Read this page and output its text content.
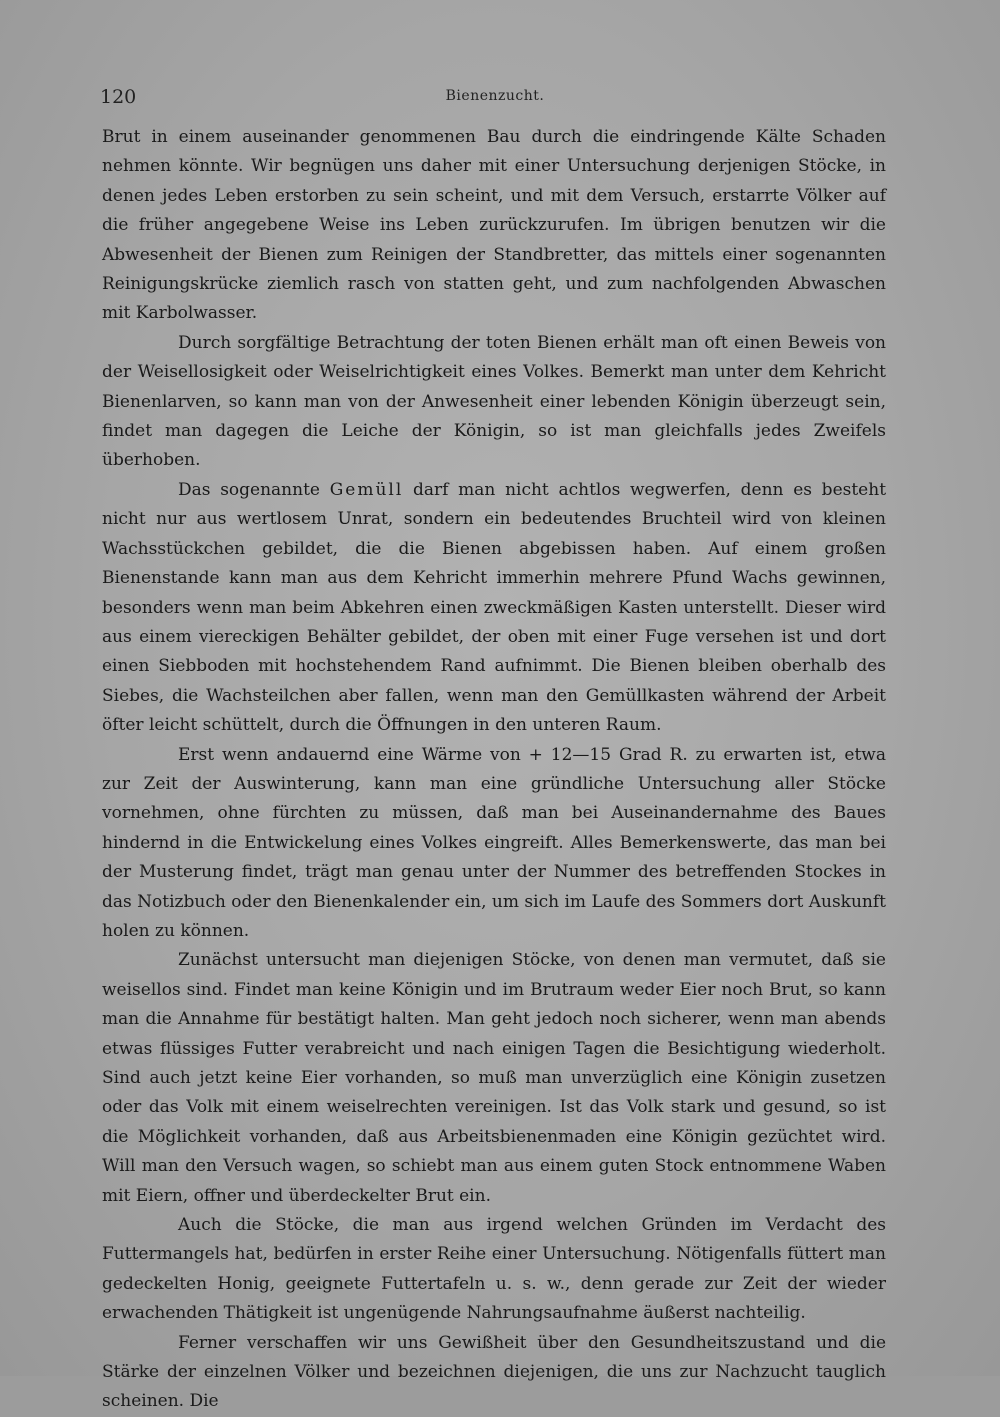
120	Bienenzucht.

Brut in einem auseinander genommenen Bau durch die eindringende Kälte Schaden nehmen könnte. Wir begnügen uns daher mit einer Untersuchung derjenigen Stöcke, in denen jedes Leben erstorben zu sein scheint, und mit dem Versuch, erstarrte Völker auf die früher angegebene Weise ins Leben zurückzurufen. Im übrigen benutzen wir die Abwesenheit der Bienen zum Reinigen der Standbretter, das mittels einer sogenannten Reinigungskrücke ziemlich rasch von statten geht, und zum nachfolgenden Abwaschen mit Karbolwasser.

Durch sorgfältige Betrachtung der toten Bienen erhält man oft einen Beweis von der Weisellosigkeit oder Weiselrichtigkeit eines Volkes. Bemerkt man unter dem Kehricht Bienenlarven, so kann man von der Anwesenheit einer lebenden Königin überzeugt sein, findet man dagegen die Leiche der Königin, so ist man gleichfalls jedes Zweifels überhoben.

Das sogenannte Gemüll darf man nicht achtlos wegwerfen, denn es besteht nicht nur aus wertlosem Unrat, sondern ein bedeutendes Bruchteil wird von kleinen Wachsstückchen gebildet, die die Bienen abgebissen haben. Auf einem großen Bienenstande kann man aus dem Kehricht immerhin mehrere Pfund Wachs gewinnen, besonders wenn man beim Abkehren einen zweckmäßigen Kasten unterstellt. Dieser wird aus einem viereckigen Behälter gebildet, der oben mit einer Fuge versehen ist und dort einen Siebboden mit hochstehendem Rand aufnimmt. Die Bienen bleiben oberhalb des Siebes, die Wachsteilchen aber fallen, wenn man den Gemüllkasten während der Arbeit öfter leicht schüttelt, durch die Öffnungen in den unteren Raum.

Erst wenn andauernd eine Wärme von + 12—15 Grad R. zu erwarten ist, etwa zur Zeit der Auswinterung, kann man eine gründliche Untersuchung aller Stöcke vornehmen, ohne fürchten zu müssen, daß man bei Auseinandernahme des Baues hindernd in die Entwickelung eines Volkes eingreift. Alles Bemerkenswerte, das man bei der Musterung findet, trägt man genau unter der Nummer des betreffenden Stockes in das Notizbuch oder den Bienenkalender ein, um sich im Laufe des Sommers dort Auskunft holen zu können.

Zunächst untersucht man diejenigen Stöcke, von denen man vermutet, daß sie weisellos sind. Findet man keine Königin und im Brutraum weder Eier noch Brut, so kann man die Annahme für bestätigt halten. Man geht jedoch noch sicherer, wenn man abends etwas flüssiges Futter verabreicht und nach einigen Tagen die Besichtigung wiederholt. Sind auch jetzt keine Eier vorhanden, so muß man unverzüglich eine Königin zusetzen oder das Volk mit einem weiselrechten vereinigen. Ist das Volk stark und gesund, so ist die Möglichkeit vorhanden, daß aus Arbeitsbienenmaden eine Königin gezüchtet wird. Will man den Versuch wagen, so schiebt man aus einem guten Stock entnommene Waben mit Eiern, offner und überdeckelter Brut ein.

Auch die Stöcke, die man aus irgend welchen Gründen im Verdacht des Futtermangels hat, bedürfen in erster Reihe einer Untersuchung. Nötigenfalls füttert man gedeckelten Honig, geeignete Futtertafeln u. s. w., denn gerade zur Zeit der wieder erwachenden Thätigkeit ist ungenügende Nahrungsaufnahme äußerst nachteilig.

Ferner verschaffen wir uns Gewißheit über den Gesundheitszustand und die Stärke der einzelnen Völker und bezeichnen diejenigen, die uns zur Nachzucht tauglich scheinen. Die
